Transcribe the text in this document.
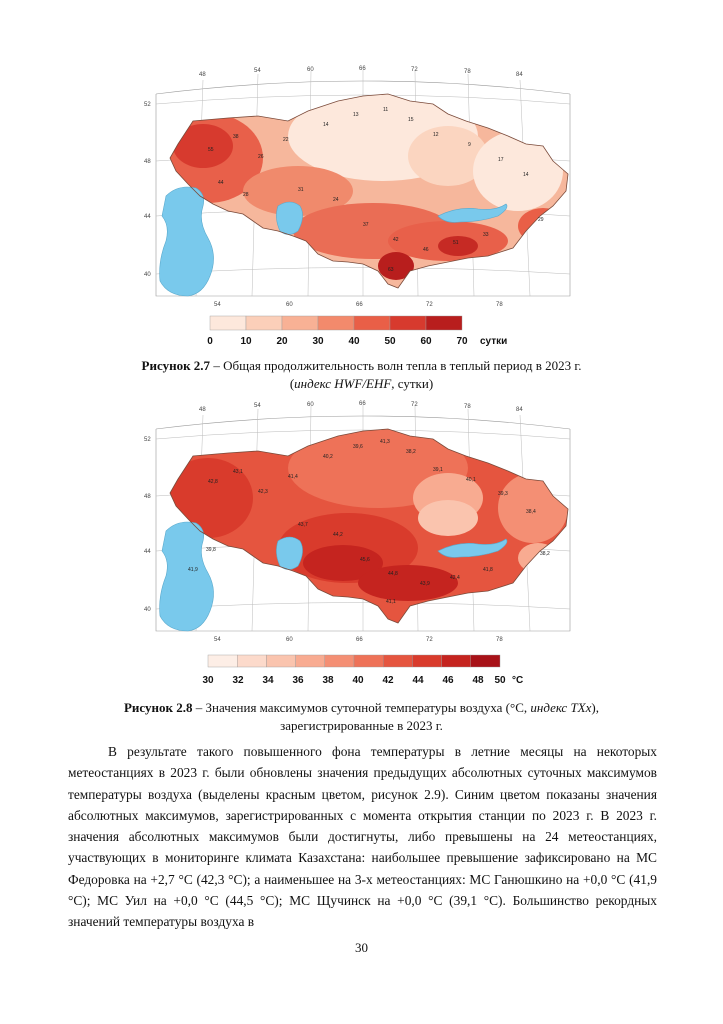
55
38
26
22
14
13
11
15
12
9
17
14
31
24
37
42
46
51
33
63
29
28
44
52
48
44
40
48
54	60	66	72	78	84
54	60	66	72	78
0	10 20 30 40 50 60 70 сутки
Рисунок 2.7 – Общая продолжительность волн тепла в теплый период в 2023 г.
(индекс HWF/EHF, сутки)
42,8
43,1
42,3
41,4
40,2
39,6
41,3
38,2
39,1
40,1
39,3
38,4
43,7
44,2
45,6
44,8
43,9
42,4
41,8
41,1
38,2
39,8
41,9
52
48
44
40
48
54	60	66	72	78	84
54	60	66	72	78
30 32 34 36 38 40 42 44 46 48 50 °C
Рисунок 2.8 – Значения максимумов суточной температуры воздуха (°С, индекс TXx),
зарегистрированные в 2023 г.

В результате такого повышенного фона температуры в летние месяцы на некоторых метеостанциях в 2023 г. были обновлены значения предыдущих абсолютных суточных максимумов температуры воздуха (выделены красным цветом, рисунок 2.9). Синим цветом показаны значения абсолютных максимумов, зарегистрированных с момента открытия станции по 2023 г. В 2023 г. значения абсолютных максимумов были достигнуты, либо превышены на 24 метеостанциях, участвующих в мониторинге климата Казахстана: наибольшее превышение зафиксировано на МС Федоровка на +2,7 °С (42,3 °С); а наименьшее на 3-х метеостанциях: МС Ганюшкино на +0,0 °С (41,9 °С); МС Уил на +0,0 °С (44,5 °С); МС Щучинск на +0,0 °С (39,1 °С). Большинство рекордных значений температуры воздуха в

30
